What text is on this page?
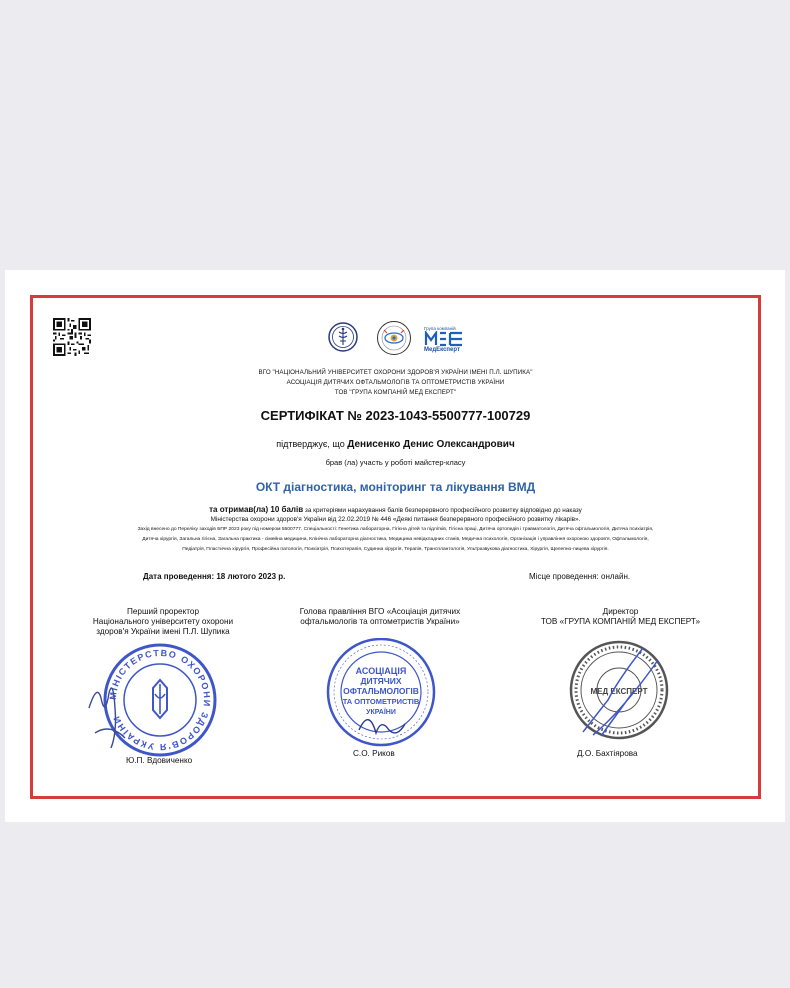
Група компаній
МедЕксперт
ВГО "НАЦІОНАЛЬНИЙ УНІВЕРСИТЕТ ОХОРОНИ ЗДОРОВ'Я УКРАЇНИ ІМЕНІ П.Л. ШУПИКА"
АСОЦІАЦІЯ ДИТЯЧИХ ОФТАЛЬМОЛОГІВ ТА ОПТОМЕТРИСТІВ УКРАЇНИ
ТОВ "ГРУПА КОМПАНІЙ МЕД ЕКСПЕРТ"
СЕРТИФІКАТ № 2023-1043-5500777-100729
підтверджує, що Денисенко Денис Олександрович
брав (ла) участь у роботі майстер-класу
ОКТ діагностика, моніторинг та лікування ВМД
та отримав(ла) 10 балів за критеріями нарахування балів безперервного професійного розвитку відповідно до наказу
Міністерства охорони здоров'я України від 22.02.2019 № 446 «Деякі питання безперервного професійного розвитку лікарів».
Захід внесено до Переліку заходів БПР 2023 року під номером 5500777. Спеціальності: Генетика лабораторна, Гігієна дітей та підлітків, Гігієна праці, Дитяча ортопедія і травматологія, Дитяча офтальмологія, Дитяча психіатрія,
Дитяча хірургія, Загальна гігієна, Загальна практика - сімейна медицина, Клінічна лабораторна діагностика, Медицина невідкладних станів, Медична психологія, Організація і управління охороною здоров'я, Офтальмологія,
Педіатрія, Пластична хірургія, Професійна патологія, Психіатрія, Психотерапія, Судинна хірургія, Терапія, Трансплантологія, Ультразвукова діагностика, Хірургія, Щелепно-лицева хірургія.
Дата проведення: 18 лютого 2023 р.	Місце проведення: онлайн.
Перший проректор
Національного університету охорони
здоров'я України імені П.Л. Шупика
МІНІСТЕРСТВО ОХОРОНИ ЗДОРОВ'Я УКРАЇНИ
Ю.П. Вдовиченко
Голова правління ВГО «Асоціація дитячих
офтальмологів та оптометристів України»
АСОЦІАЦІЯ
ДИТЯЧИХ
ОФТАЛЬМОЛОГІВ
ТА ОПТОМЕТРИСТІВ
УКРАЇНИ
С.О. Риков
Директор
ТОВ «ГРУПА КОМПАНІЙ МЕД ЕКСПЕРТ»
МЕД ЕКСПЕРТ
Д.О. Бахтіярова
